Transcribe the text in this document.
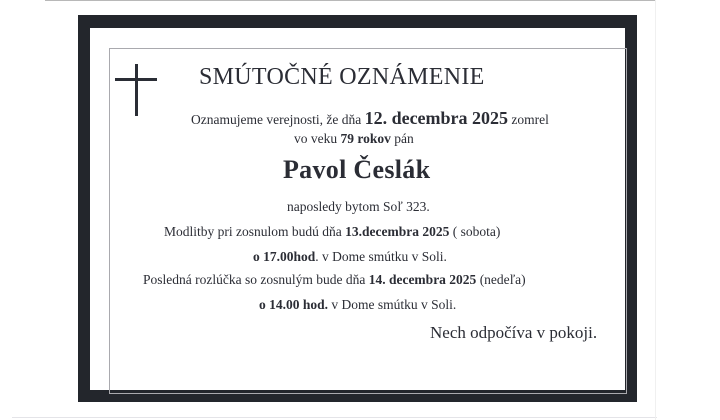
SMÚTOČNÉ OZNÁMENIE
Oznamujeme verejnosti, že dňa 12. decembra 2025 zomrel
vo veku 79 rokov pán
Pavol Česlák
naposledy bytom Soľ 323.
Modlitby pri zosnulom budú dňa 13.decembra 2025 ( sobota)
o 17.00hod. v Dome smútku v Soli.
Posledná rozlúčka so zosnulým bude dňa 14. decembra 2025 (nedeľa)
o 14.00 hod. v Dome smútku v Soli.
Nech odpočíva v pokoji.
